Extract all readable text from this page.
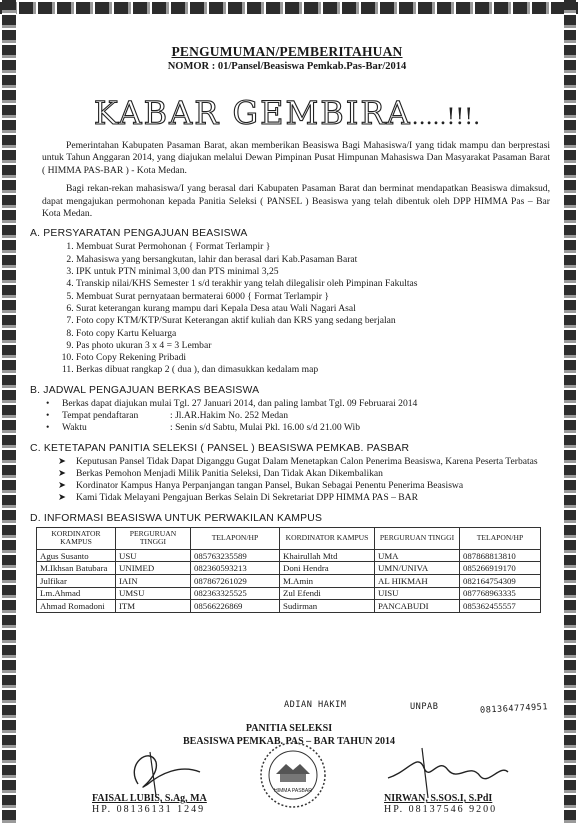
PENGUMUMAN/PEMBERITAHUAN
NOMOR : 01/Pansel/Beasiswa Pemkab.Pas-Bar/2014
KABAR GEMBIRA.....!!!.

Pemerintahan Kabupaten Pasaman Barat, akan memberikan Beasiswa Bagi Mahasiswa/I yang tidak mampu dan berprestasi untuk Tahun Anggaran 2014, yang diajukan melalui Dewan Pimpinan Pusat Himpunan Mahasiswa Dan Masyarakat Pasaman Barat ( HIMMA PAS-BAR ) - Kota Medan.

Bagi rekan-rekan mahasiswa/I yang berasal dari Kabupaten Pasaman Barat dan berminat mendapatkan Beasiswa dimaksud, dapat mengajukan permohonan kepada Panitia Seleksi ( PANSEL ) Beasiswa yang telah dibentuk oleh DPP HIMMA Pas – Bar Kota Medan.

A. PERSYARATAN PENGAJUAN BEASISWA
1. Membuat Surat Permohonan { Format Terlampir }
2. Mahasiswa yang bersangkutan, lahir dan berasal dari Kab.Pasaman Barat
3. IPK untuk PTN minimal 3,00 dan PTS minimal 3,25
4. Transkip nilai/KHS Semester 1 s/d terakhir yang telah dilegalisir oleh Pimpinan Fakultas
5. Membuat Surat pernyataan bermaterai 6000 { Format Terlampir }
6. Surat keterangan kurang mampu dari Kepala Desa atau Wali Nagari Asal
7. Foto copy KTM/KTP/Surat Keterangan aktif kuliah dan KRS yang sedang berjalan
8. Foto copy Kartu Keluarga
9. Pas photo ukuran 3 x 4 = 3 Lembar
10. Foto Copy Rekening Pribadi
11. Berkas dibuat rangkap 2 ( dua ), dan dimasukkan kedalam map
B. JADWAL PENGAJUAN BERKAS BEASISWA
• Berkas dapat diajukan mulai Tgl. 27 Januari 2014, dan paling lambat Tgl. 09 Februarai 2014
• Tempat pendaftaran	: Jl.AR.Hakim No. 252 Medan
• Waktu	: Senin s/d Sabtu, Mulai Pkl. 16.00 s/d 21.00 Wib
C. KETETAPAN PANITIA SELEKSI ( PANSEL ) BEASISWA PEMKAB. PASBAR
➤ Keputusan Pansel Tidak Dapat Diganggu Gugat Dalam Menetapkan Calon Penerima Beasiswa, Karena Peserta Terbatas
➤ Berkas Pemohon Menjadi Milik Panitia Seleksi, Dan Tidak Akan Dikembalikan
➤ Kordinator Kampus Hanya Perpanjangan tangan Pansel, Bukan Sebagai Penentu Penerima Beasiswa
➤ Kami Tidak Melayani Pengajuan Berkas Selain Di Sekretariat DPP HIMMA PAS – BAR
D. INFORMASI BEASISWA UNTUK PERWAKILAN KAMPUS
KORDINATOR KAMPUS	PERGURUAN TINGGI	TELAPON/HP	KORDINATOR KAMPUS	PERGURUAN TINGGI	TELAPON/HP
Agus Susanto	USU	085763235589	Khairullah Mtd	UMA	087868813810
M.Ikhsan Batubara	UNIMED	082360593213	Doni Hendra	UMN/UNIVA	085266919170
Julfikar	IAIN	087867261029	M.Amin	AL HIKMAH	082164754309
Lm.Ahmad	UMSU	082363325525	Zul Efendi	UISU	087768963335
Ahmad Romadoni	ITM	08566226869	Sudirman	PANCABUDI	085362455557
ADIAN HAKIM	UNPAB	081364774951
PANITIA SELEKSI
BEASISWA PEMKAB. PAS – BAR TAHUN 2014
HIMMA PASBAR
FAISAL LUBIS, S.Ag, MA
HP. 08136131 1249
NIRWAN, S.SOS.I, S.PdI
HP. 08137546 9200
